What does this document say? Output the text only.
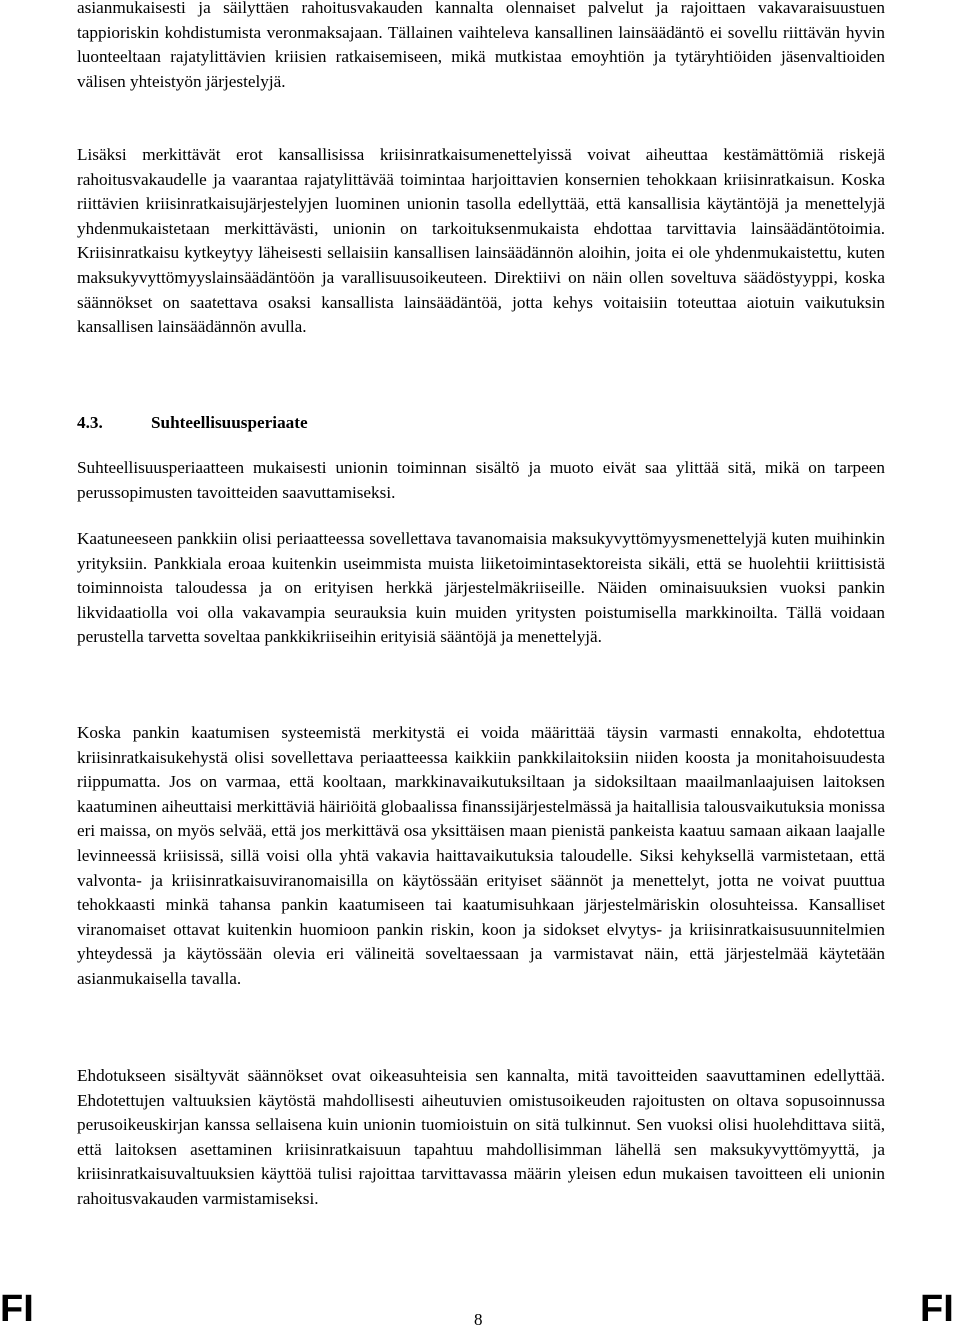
asianmukaisesti ja säilyttäen rahoitusvakauden kannalta olennaiset palvelut ja rajoittaen vakavaraisuustuen tappioriskin kohdistumista veronmaksajaan. Tällainen vaihteleva kansallinen lainsäädäntö ei sovellu riittävän hyvin luonteeltaan rajatylittävien kriisien ratkaisemiseen, mikä mutkistaa emoyhtiön ja tytäryhtiöiden jäsenvaltioiden välisen yhteistyön järjestelyjä.

Lisäksi merkittävät erot kansallisissa kriisinratkaisumenettelyissä voivat aiheuttaa kestämättömiä riskejä rahoitusvakaudelle ja vaarantaa rajatylittävää toimintaa harjoittavien konsernien tehokkaan kriisinratkaisun. Koska riittävien kriisinratkaisujärjestelyjen luominen unionin tasolla edellyttää, että kansallisia käytäntöjä ja menettelyjä yhdenmukaistetaan merkittävästi, unionin on tarkoituksenmukaista ehdottaa tarvittavia lainsäädäntötoimia. Kriisinratkaisu kytkeytyy läheisesti sellaisiin kansallisen lainsäädännön aloihin, joita ei ole yhdenmukaistettu, kuten maksukyvyttömyyslainsäädäntöön ja varallisuusoikeuteen. Direktiivi on näin ollen soveltuva säädöstyyppi, koska säännökset on saatettava osaksi kansallista lainsäädäntöä, jotta kehys voitaisiin toteuttaa aiotuin vaikutuksin kansallisen lainsäädännön avulla.

4.3.	Suhteellisuusperiaate

Suhteellisuusperiaatteen mukaisesti unionin toiminnan sisältö ja muoto eivät saa ylittää sitä, mikä on tarpeen perussopimusten tavoitteiden saavuttamiseksi.

Kaatuneeseen pankkiin olisi periaatteessa sovellettava tavanomaisia maksukyvyttömyysmenettelyjä kuten muihinkin yrityksiin. Pankkiala eroaa kuitenkin useimmista muista liiketoimintasektoreista sikäli, että se huolehtii kriittisistä toiminnoista taloudessa ja on erityisen herkkä järjestelmäkriiseille. Näiden ominaisuuksien vuoksi pankin likvidaatiolla voi olla vakavampia seurauksia kuin muiden yritysten poistumisella markkinoilta. Tällä voidaan perustella tarvetta soveltaa pankkikriiseihin erityisiä sääntöjä ja menettelyjä.

Koska pankin kaatumisen systeemistä merkitystä ei voida määrittää täysin varmasti ennakolta, ehdotettua kriisinratkaisukehystä olisi sovellettava periaatteessa kaikkiin pankkilaitoksiin niiden koosta ja monitahoisuudesta riippumatta. Jos on varmaa, että kooltaan, markkinavaikutuksiltaan ja sidoksiltaan maailmanlaajuisen laitoksen kaatuminen aiheuttaisi merkittäviä häiriöitä globaalissa finanssijärjestelmässä ja haitallisia talousvaikutuksia monissa eri maissa, on myös selvää, että jos merkittävä osa yksittäisen maan pienistä pankeista kaatuu samaan aikaan laajalle levinneessä kriisissä, sillä voisi olla yhtä vakavia haittavaikutuksia taloudelle. Siksi kehyksellä varmistetaan, että valvonta- ja kriisinratkaisuviranomaisilla on käytössään erityiset säännöt ja menettelyt, jotta ne voivat puuttua tehokkaasti minkä tahansa pankin kaatumiseen tai kaatumisuhkaan järjestelmäriskin olosuhteissa. Kansalliset viranomaiset ottavat kuitenkin huomioon pankin riskin, koon ja sidokset elvytys- ja kriisinratkaisusuunnitelmien yhteydessä ja käytössään olevia eri välineitä soveltaessaan ja varmistavat näin, että järjestelmää käytetään asianmukaisella tavalla.

Ehdotukseen sisältyvät säännökset ovat oikeasuhteisia sen kannalta, mitä tavoitteiden saavuttaminen edellyttää. Ehdotettujen valtuuksien käytöstä mahdollisesti aiheutuvien omistusoikeuden rajoitusten on oltava sopusoinnussa perusoikeuskirjan kanssa sellaisena kuin unionin tuomioistuin on sitä tulkinnut. Sen vuoksi olisi huolehdittava siitä, että laitoksen asettaminen kriisinratkaisuun tapahtuu mahdollisimman lähellä sen maksukyvyttömyyttä, ja kriisinratkaisuvaltuuksien käyttöä tulisi rajoittaa tarvittavassa määrin yleisen edun mukaisen tavoitteen eli unionin rahoitusvakauden varmistamiseksi.

FI	8	FI
